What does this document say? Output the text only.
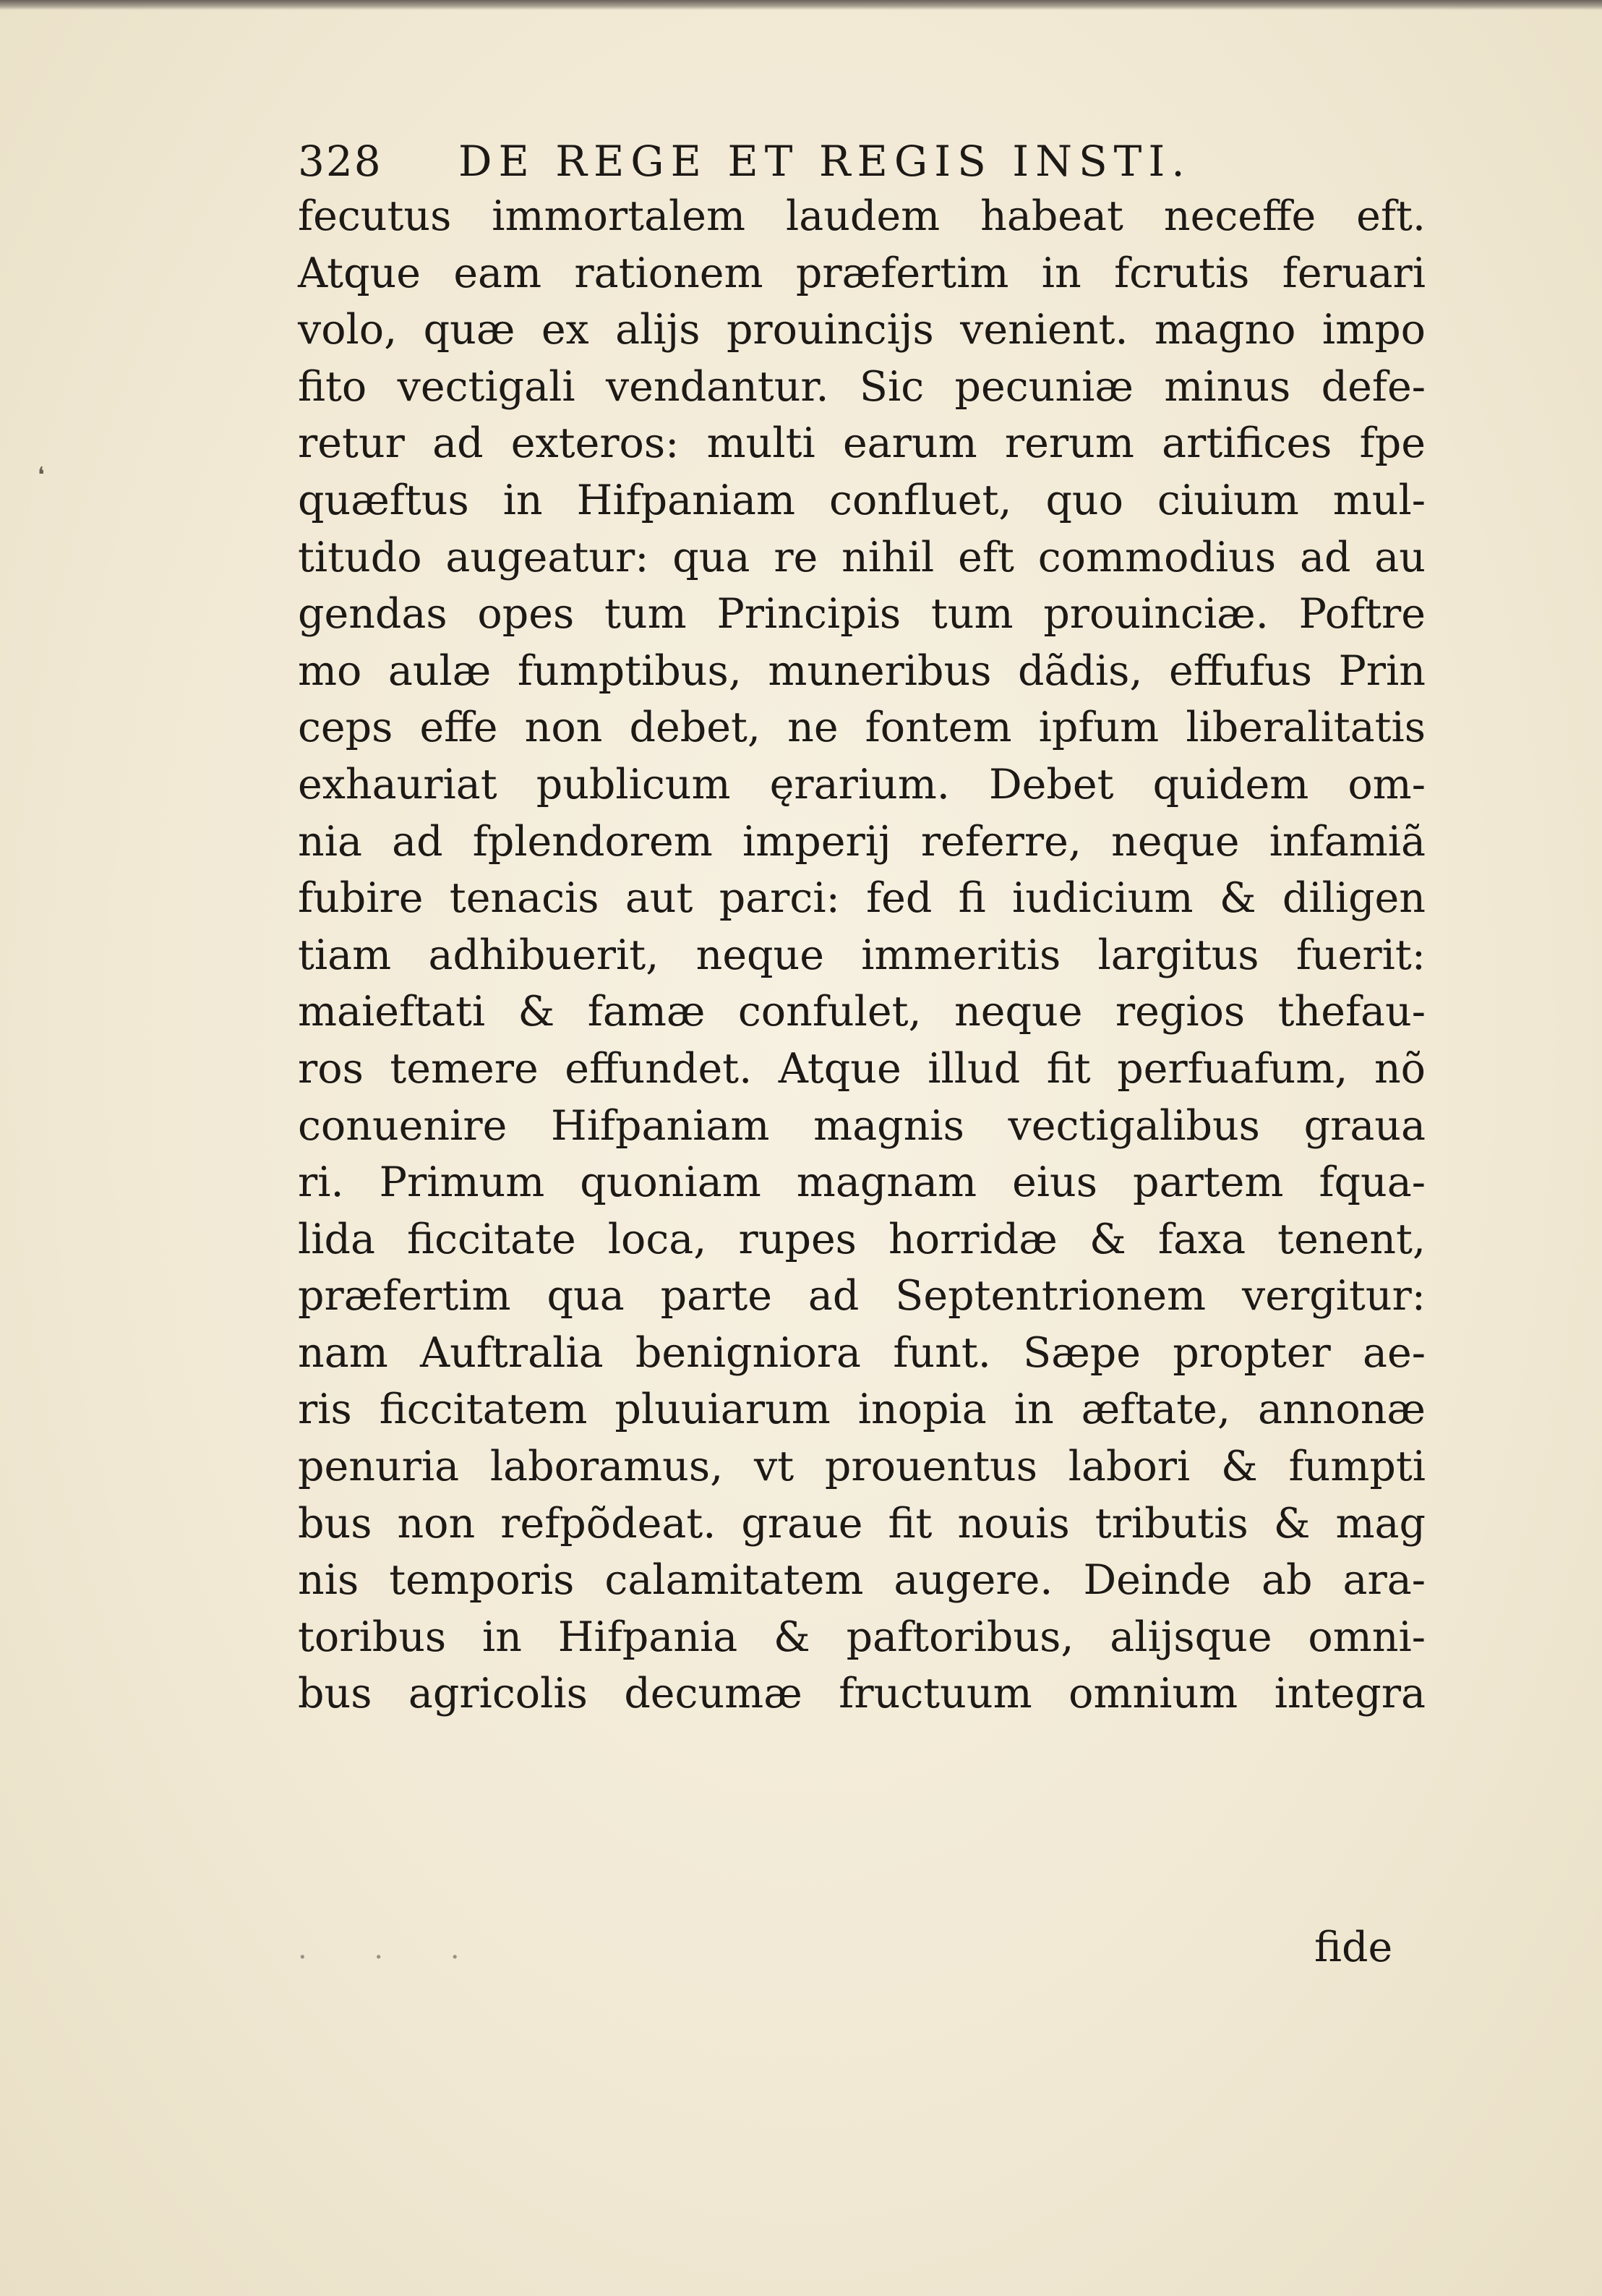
❛
328 DE REGE ET REGIS INSTI.
fecutus immortalem laudem habeat neceffe eft.
Atque eam rationem præfertim in fcrutis feruari
volo, quæ ex alijs prouincijs venient. magno impo
fito vectigali vendantur. Sic pecuniæ minus defe-
retur ad exteros: multi earum rerum artifices fpe
quæftus in Hifpaniam confluet, quo ciuium mul-
titudo augeatur: qua re nihil eft commodius ad au
gendas opes tum Principis tum prouinciæ. Poftre
mo aulæ fumptibus, muneribus dãdis, effufus Prin
ceps effe non debet, ne fontem ipfum liberalitatis
exhauriat publicum ęrarium. Debet quidem om-
nia ad fplendorem imperij referre, neque infamiã
fubire tenacis aut parci: fed fi iudicium & diligen
tiam adhibuerit, neque immeritis largitus fuerit:
maieftati & famæ confulet, neque regios thefau-
ros temere effundet. Atque illud fit perfuafum, nõ
conuenire Hifpaniam magnis vectigalibus graua
ri. Primum quoniam magnam eius partem fqua-
lida ficcitate loca, rupes horridæ & faxa tenent,
præfertim qua parte ad Septentrionem vergitur:
nam Auftralia benigniora funt. Sæpe propter ae-
ris ficcitatem pluuiarum inopia in æftate, annonæ
penuria laboramus, vt prouentus labori & fumpti
bus non refpõdeat. graue fit nouis tributis & mag
nis temporis calamitatem augere. Deinde ab ara-
toribus in Hifpania & paftoribus, alijsque omni-
bus agricolis decumæ fructuum omnium integra
· · ·	fide
